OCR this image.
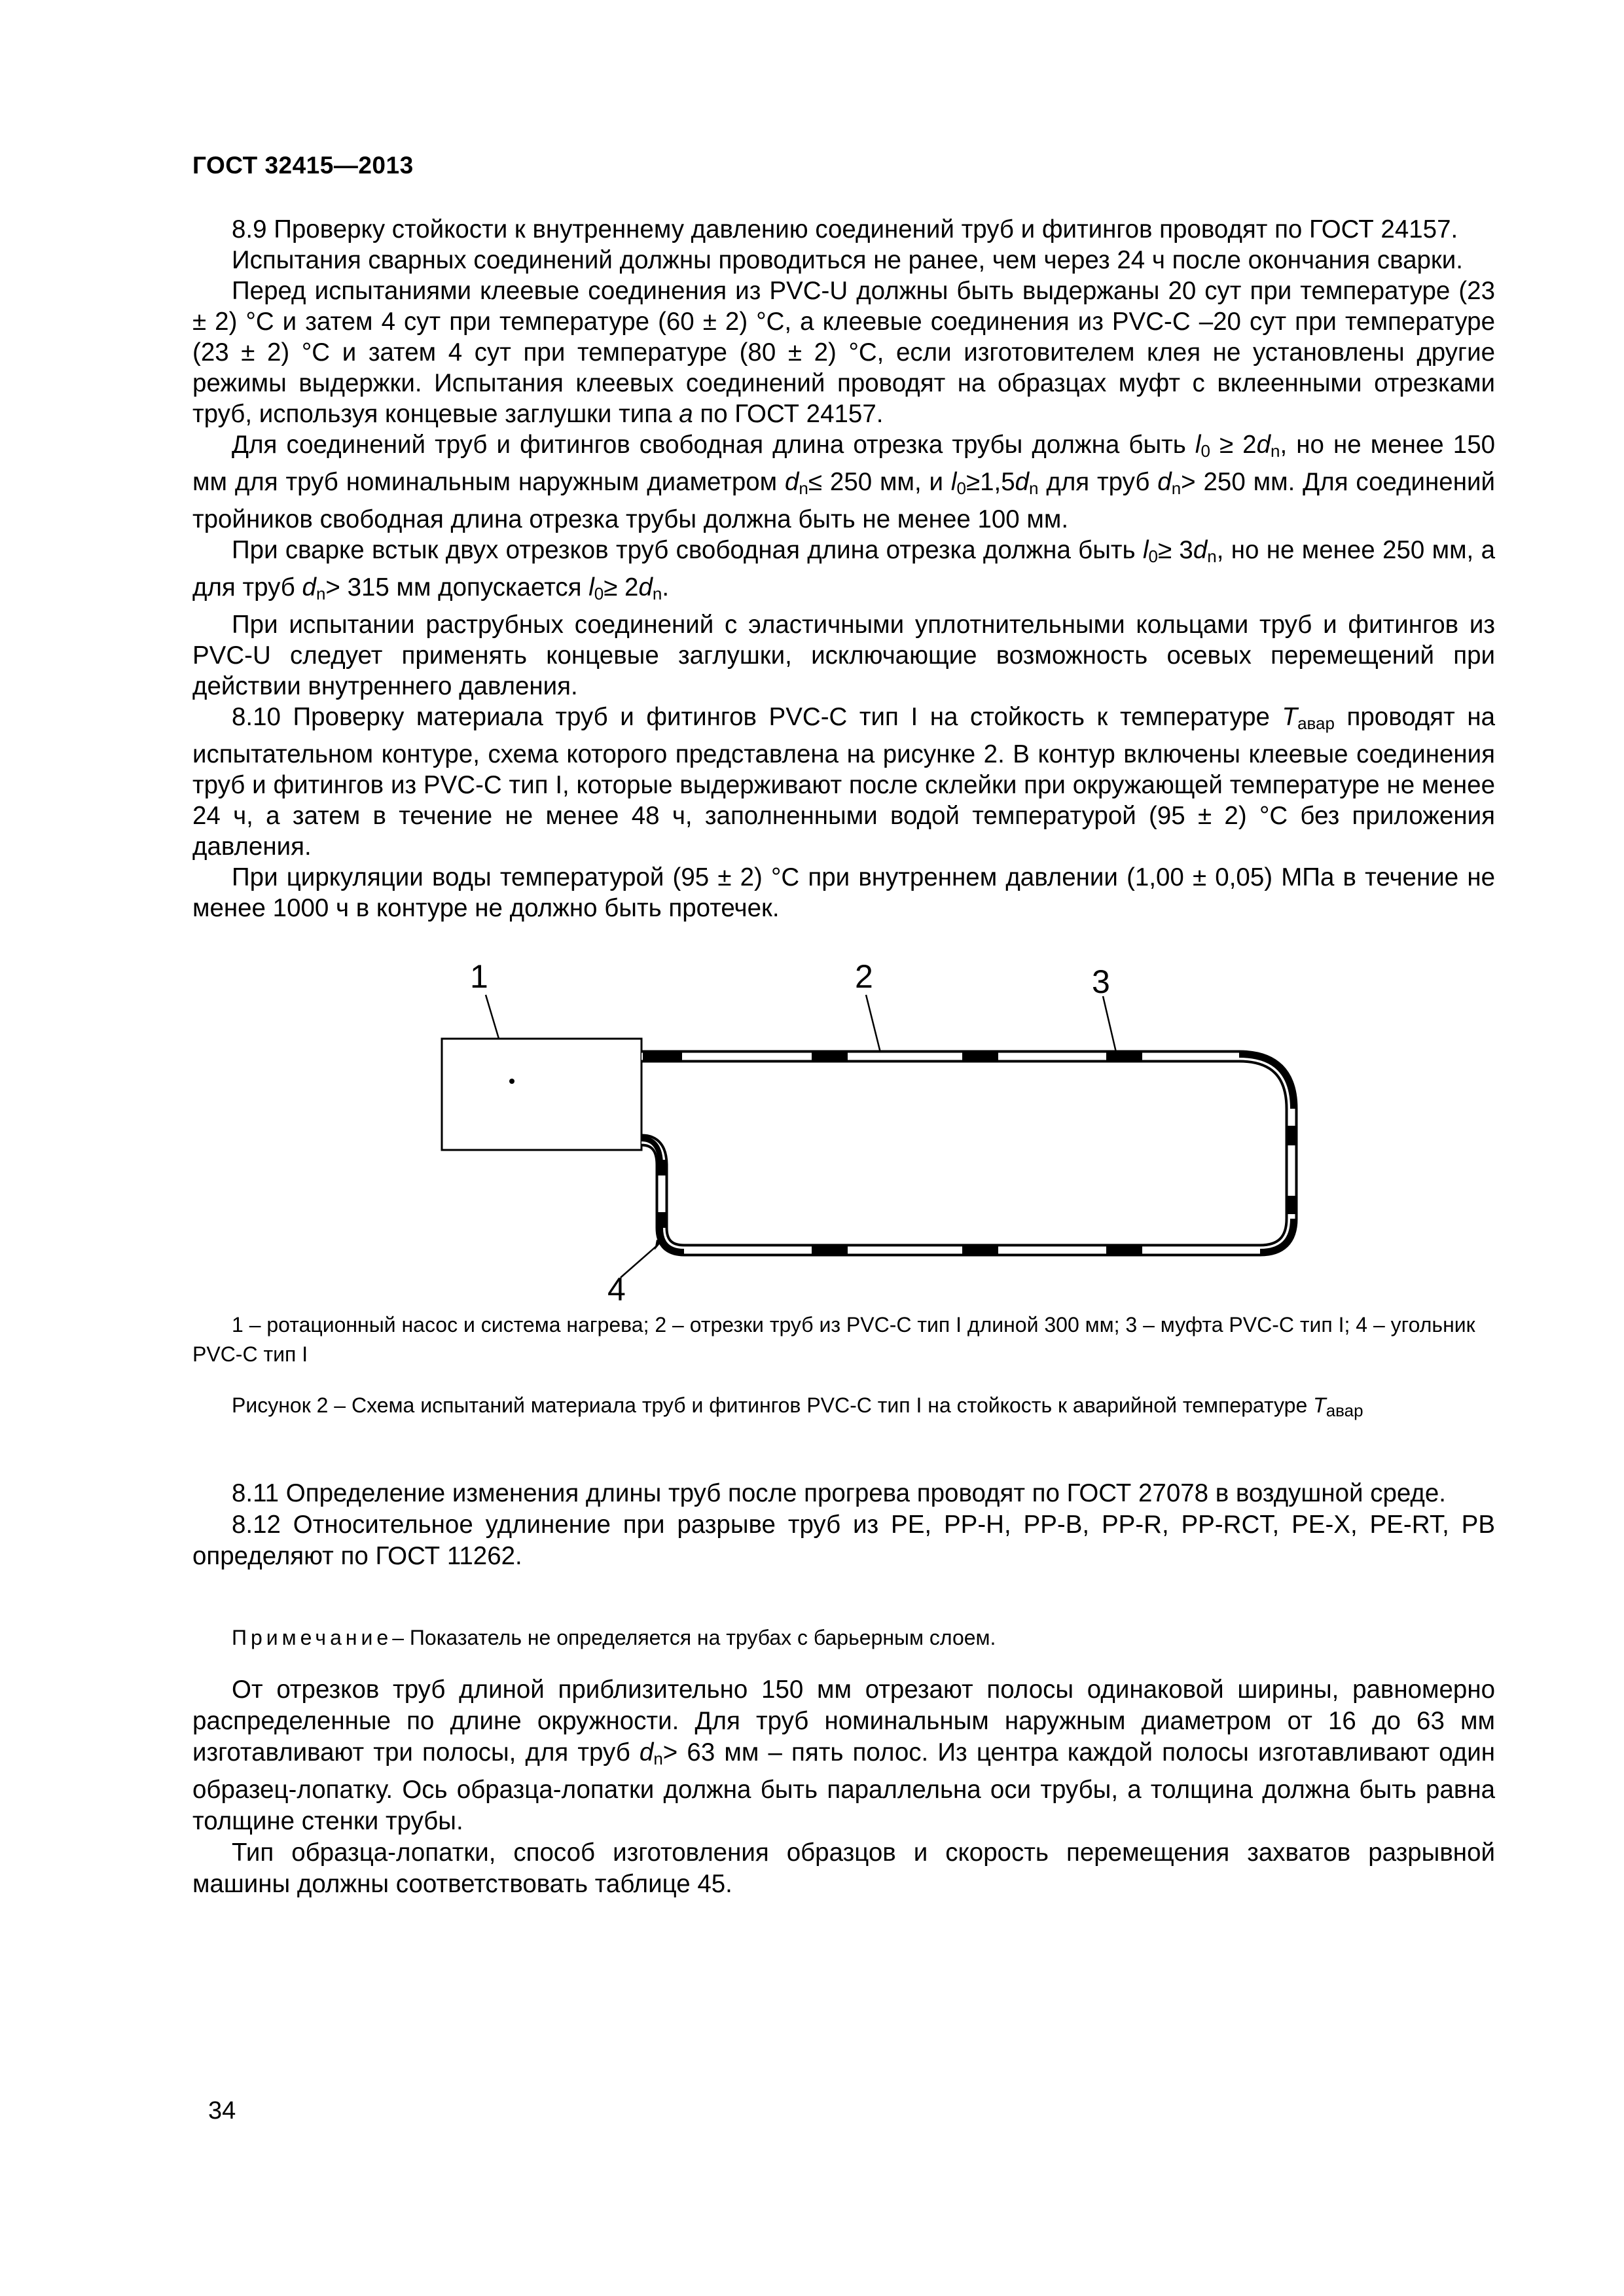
ГОСТ 32415—2013

8.9 Проверку стойкости к внутреннему давлению соединений труб и фитингов проводят по ГОСТ 24157.

Испытания сварных соединений должны проводиться не ранее, чем через 24 ч после окончания сварки.

Перед испытаниями клеевые соединения из PVC-U должны быть выдержаны 20 сут при температуре (23 ± 2) °С и затем 4 сут при температуре (60 ± 2) °С, а клеевые соединения из PVC-C –20 сут при температуре (23 ± 2) °С и затем 4 сут при температуре (80 ± 2) °С, если изготовителем клея не установлены другие режимы выдержки. Испытания клеевых соединений проводят на образцах муфт с вклеенными отрезками труб, используя концевые заглушки типа а по ГОСТ 24157.

Для соединений труб и фитингов свободная длина отрезка трубы должна быть $l_0 \ge 2d_n$, но не менее 150 мм для труб номинальным наружным диаметром $d_n\le 250$ мм, и $l_0\ge 1,5d_n$ для труб $d_n> 250$ мм. Для соединений тройников свободная длина отрезка трубы должна быть не менее 100 мм.

При сварке встык двух отрезков труб свободная длина отрезка должна быть $l_0\ge 3d_n$, но не менее 250 мм, а для труб $d_n> 315$ мм допускается $l_0\ge 2d_n$.

При испытании раструбных соединений с эластичными уплотнительными кольцами труб и фитингов из PVC-U следует применять концевые заглушки, исключающие возможность осевых перемещений при действии внутреннего давления.

8.10 Проверку материала труб и фитингов PVC-C тип I на стойкость к температуре $T_{авар}$ проводят на испытательном контуре, схема которого представлена на рисунке 2. В контур включены клеевые соединения труб и фитингов из PVC-C тип I, которые выдерживают после склейки при окружающей температуре не менее 24 ч, а затем в течение не менее 48 ч, заполненными водой температурой (95 ± 2) °С без приложения давления.

При циркуляции воды температурой (95 ± 2) °С при внутреннем давлении (1,00 ± 0,05) МПа в течение не менее 1000 ч в контуре не должно быть протечек.

1	2	3
4

1 – ротационный насос и система нагрева; 2 – отрезки труб из PVC-C тип I длиной 300 мм; 3 – муфта PVC-C тип I; 4 – угольник PVC-C тип I

Рисунок 2 – Схема испытаний материала труб и фитингов PVC-C тип I на стойкость к аварийной температуре $T_{авар}$

8.11 Определение изменения длины труб после прогрева проводят по ГОСТ 27078 в воздушной среде.

8.12 Относительное удлинение при разрыве труб из PE, PP-H, PP-B, PP-R, PP-RCT, PE-X, PE-RT, PB определяют по ГОСТ 11262.

Примечание– Показатель не определяется на трубах с барьерным слоем.

От отрезков труб длиной приблизительно 150 мм отрезают полосы одинаковой ширины, равномерно распределенные по длине окружности. Для труб номинальным наружным диаметром от 16 до 63 мм изготавливают три полосы, для труб $d_n> 63$ мм – пять полос. Из центра каждой полосы изготавливают один образец-лопатку. Ось образца-лопатки должна быть параллельна оси трубы, а толщина должна быть равна толщине стенки трубы.

Тип образца-лопатки, способ изготовления образцов и скорость перемещения захватов разрывной машины должны соответствовать таблице 45.

34
